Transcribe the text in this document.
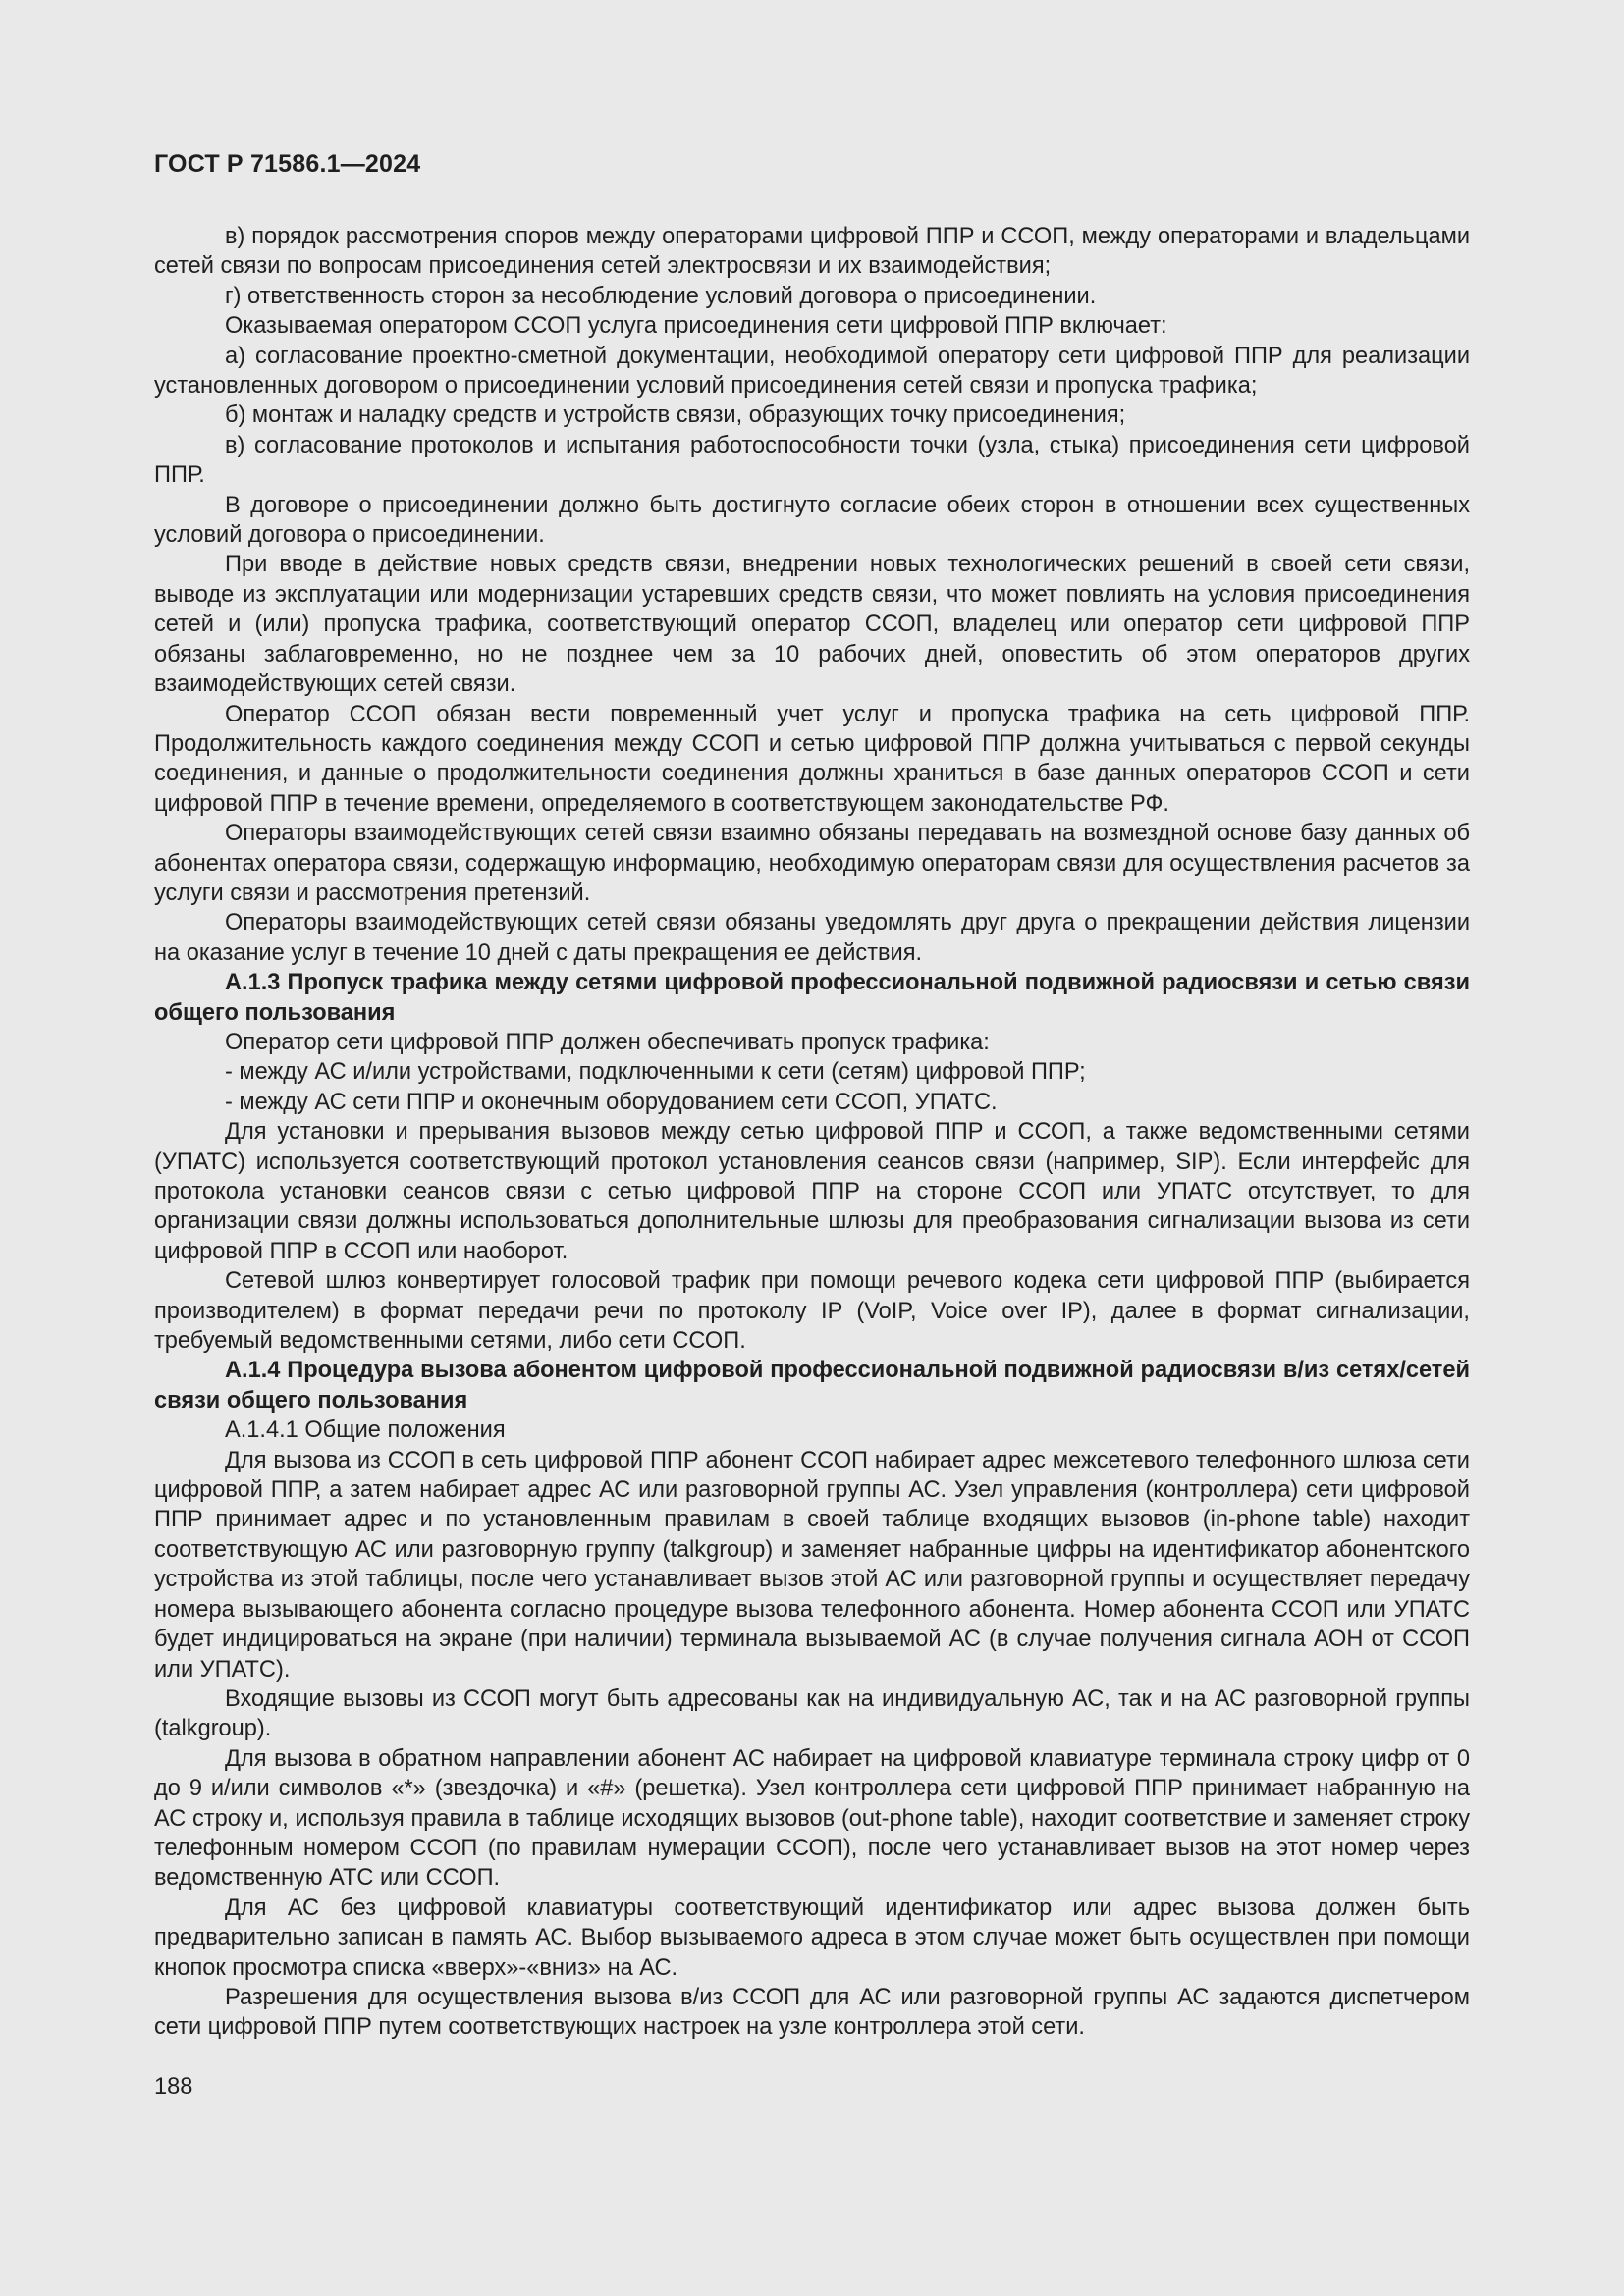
ГОСТ Р 71586.1—2024

в) порядок рассмотрения споров между операторами цифровой ППР и ССОП, между операторами и владельцами сетей связи по вопросам присоединения сетей электросвязи и их взаимодействия;

г) ответственность сторон за несоблюдение условий договора о присоединении.

Оказываемая оператором ССОП услуга присоединения сети цифровой ППР включает:

а) согласование проектно-сметной документации, необходимой оператору сети цифровой ППР для реализации установленных договором о присоединении условий присоединения сетей связи и пропуска трафика;

б) монтаж и наладку средств и устройств связи, образующих точку присоединения;

в) согласование протоколов и испытания работоспособности точки (узла, стыка) присоединения сети цифровой ППР.

В договоре о присоединении должно быть достигнуто согласие обеих сторон в отношении всех существенных условий договора о присоединении.

При вводе в действие новых средств связи, внедрении новых технологических решений в своей сети связи, выводе из эксплуатации или модернизации устаревших средств связи, что может повлиять на условия присоединения сетей и (или) пропуска трафика, соответствующий оператор ССОП, владелец или оператор сети цифровой ППР обязаны заблаговременно, но не позднее чем за 10 рабочих дней, оповестить об этом операторов других взаимодействующих сетей связи.

Оператор ССОП обязан вести повременный учет услуг и пропуска трафика на сеть цифровой ППР. Продолжительность каждого соединения между ССОП и сетью цифровой ППР должна учитываться с первой секунды соединения, и данные о продолжительности соединения должны храниться в базе данных операторов ССОП и сети цифровой ППР в течение времени, определяемого в соответствующем законодательстве РФ.

Операторы взаимодействующих сетей связи взаимно обязаны передавать на возмездной основе базу данных об абонентах оператора связи, содержащую информацию, необходимую операторам связи для осуществления расчетов за услуги связи и рассмотрения претензий.

Операторы взаимодействующих сетей связи обязаны уведомлять друг друга о прекращении действия лицензии на оказание услуг в течение 10 дней с даты прекращения ее действия.

А.1.3 Пропуск трафика между сетями цифровой профессиональной подвижной радиосвязи и сетью связи общего пользования

Оператор сети цифровой ППР должен обеспечивать пропуск трафика:

- между АС и/или устройствами, подключенными к сети (сетям) цифровой ППР;

- между АС сети ППР и оконечным оборудованием сети ССОП, УПАТС.

Для установки и прерывания вызовов между сетью цифровой ППР и ССОП, а также ведомственными сетями (УПАТС) используется соответствующий протокол установления сеансов связи (например, SIP). Если интерфейс для протокола установки сеансов связи с сетью цифровой ППР на стороне ССОП или УПАТС отсутствует, то для организации связи должны использоваться дополнительные шлюзы для преобразования сигнализации вызова из сети цифровой ППР в ССОП или наоборот.

Сетевой шлюз конвертирует голосовой трафик при помощи речевого кодека сети цифровой ППР (выбирается производителем) в формат передачи речи по протоколу IP (VoIP, Voice over IP), далее в формат сигнализации, требуемый ведомственными сетями, либо сети ССОП.

А.1.4 Процедура вызова абонентом цифровой профессиональной подвижной радиосвязи в/из сетях/сетей связи общего пользования

А.1.4.1 Общие положения

Для вызова из ССОП в сеть цифровой ППР абонент ССОП набирает адрес межсетевого телефонного шлюза сети цифровой ППР, а затем набирает адрес АС или разговорной группы АС. Узел управления (контроллера) сети цифровой ППР принимает адрес и по установленным правилам в своей таблице входящих вызовов (in-phone table) находит соответствующую АС или разговорную группу (talkgroup) и заменяет набранные цифры на идентификатор абонентского устройства из этой таблицы, после чего устанавливает вызов этой АС или разговорной группы и осуществляет передачу номера вызывающего абонента согласно процедуре вызова телефонного абонента. Номер абонента ССОП или УПАТС будет индицироваться на экране (при наличии) терминала вызываемой АС (в случае получения сигнала АОН от ССОП или УПАТС).

Входящие вызовы из ССОП могут быть адресованы как на индивидуальную АС, так и на АС разговорной группы (talkgroup).

Для вызова в обратном направлении абонент АС набирает на цифровой клавиатуре терминала строку цифр от 0 до 9 и/или символов «*» (звездочка) и «#» (решетка). Узел контроллера сети цифровой ППР принимает набранную на АС строку и, используя правила в таблице исходящих вызовов (out-phone table), находит соответствие и заменяет строку телефонным номером ССОП (по правилам нумерации ССОП), после чего устанавливает вызов на этот номер через ведомственную АТС или ССОП.

Для АС без цифровой клавиатуры соответствующий идентификатор или адрес вызова должен быть предварительно записан в память АС. Выбор вызываемого адреса в этом случае может быть осуществлен при помощи кнопок просмотра списка «вверх»-«вниз» на АС.

Разрешения для осуществления вызова в/из ССОП для АС или разговорной группы АС задаются диспетчером сети цифровой ППР путем соответствующих настроек на узле контроллера этой сети.

188
